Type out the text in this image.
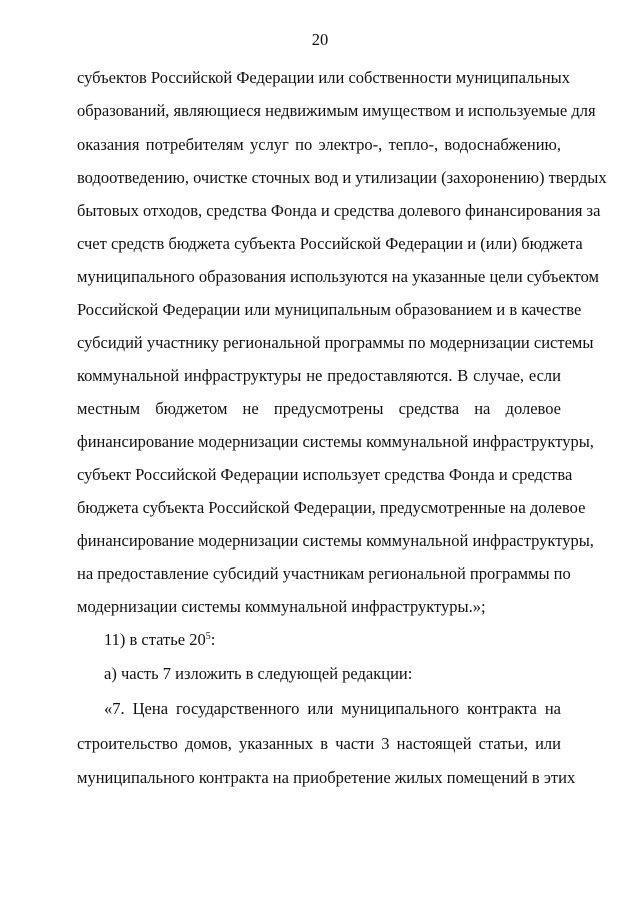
20
субъектов Российской Федерации или собственности муниципальных
образований, являющиеся недвижимым имуществом и используемые для
оказания потребителям услуг по электро-, тепло-, водоснабжению,
водоотведению, очистке сточных вод и утилизации (захоронению) твердых
бытовых отходов, средства Фонда и средства долевого финансирования за
счет средств бюджета субъекта Российской Федерации и (или) бюджета
муниципального образования используются на указанные цели субъектом
Российской Федерации или муниципальным образованием и в качестве
субсидий участнику региональной программы по модернизации системы
коммунальной инфраструктуры не предоставляются. В случае, если
местным бюджетом не предусмотрены средства на долевое
финансирование модернизации системы коммунальной инфраструктуры,
субъект Российской Федерации использует средства Фонда и средства
бюджета субъекта Российской Федерации, предусмотренные на долевое
финансирование модернизации системы коммунальной инфраструктуры,
на предоставление субсидий участникам региональной программы по
модернизации системы коммунальной инфраструктуры.»;
11) в статье $20^5$:
а) часть 7 изложить в следующей редакции:
«7. Цена государственного или муниципального контракта на
строительство домов, указанных в части 3 настоящей статьи, или
муниципального контракта на приобретение жилых помещений в этих
